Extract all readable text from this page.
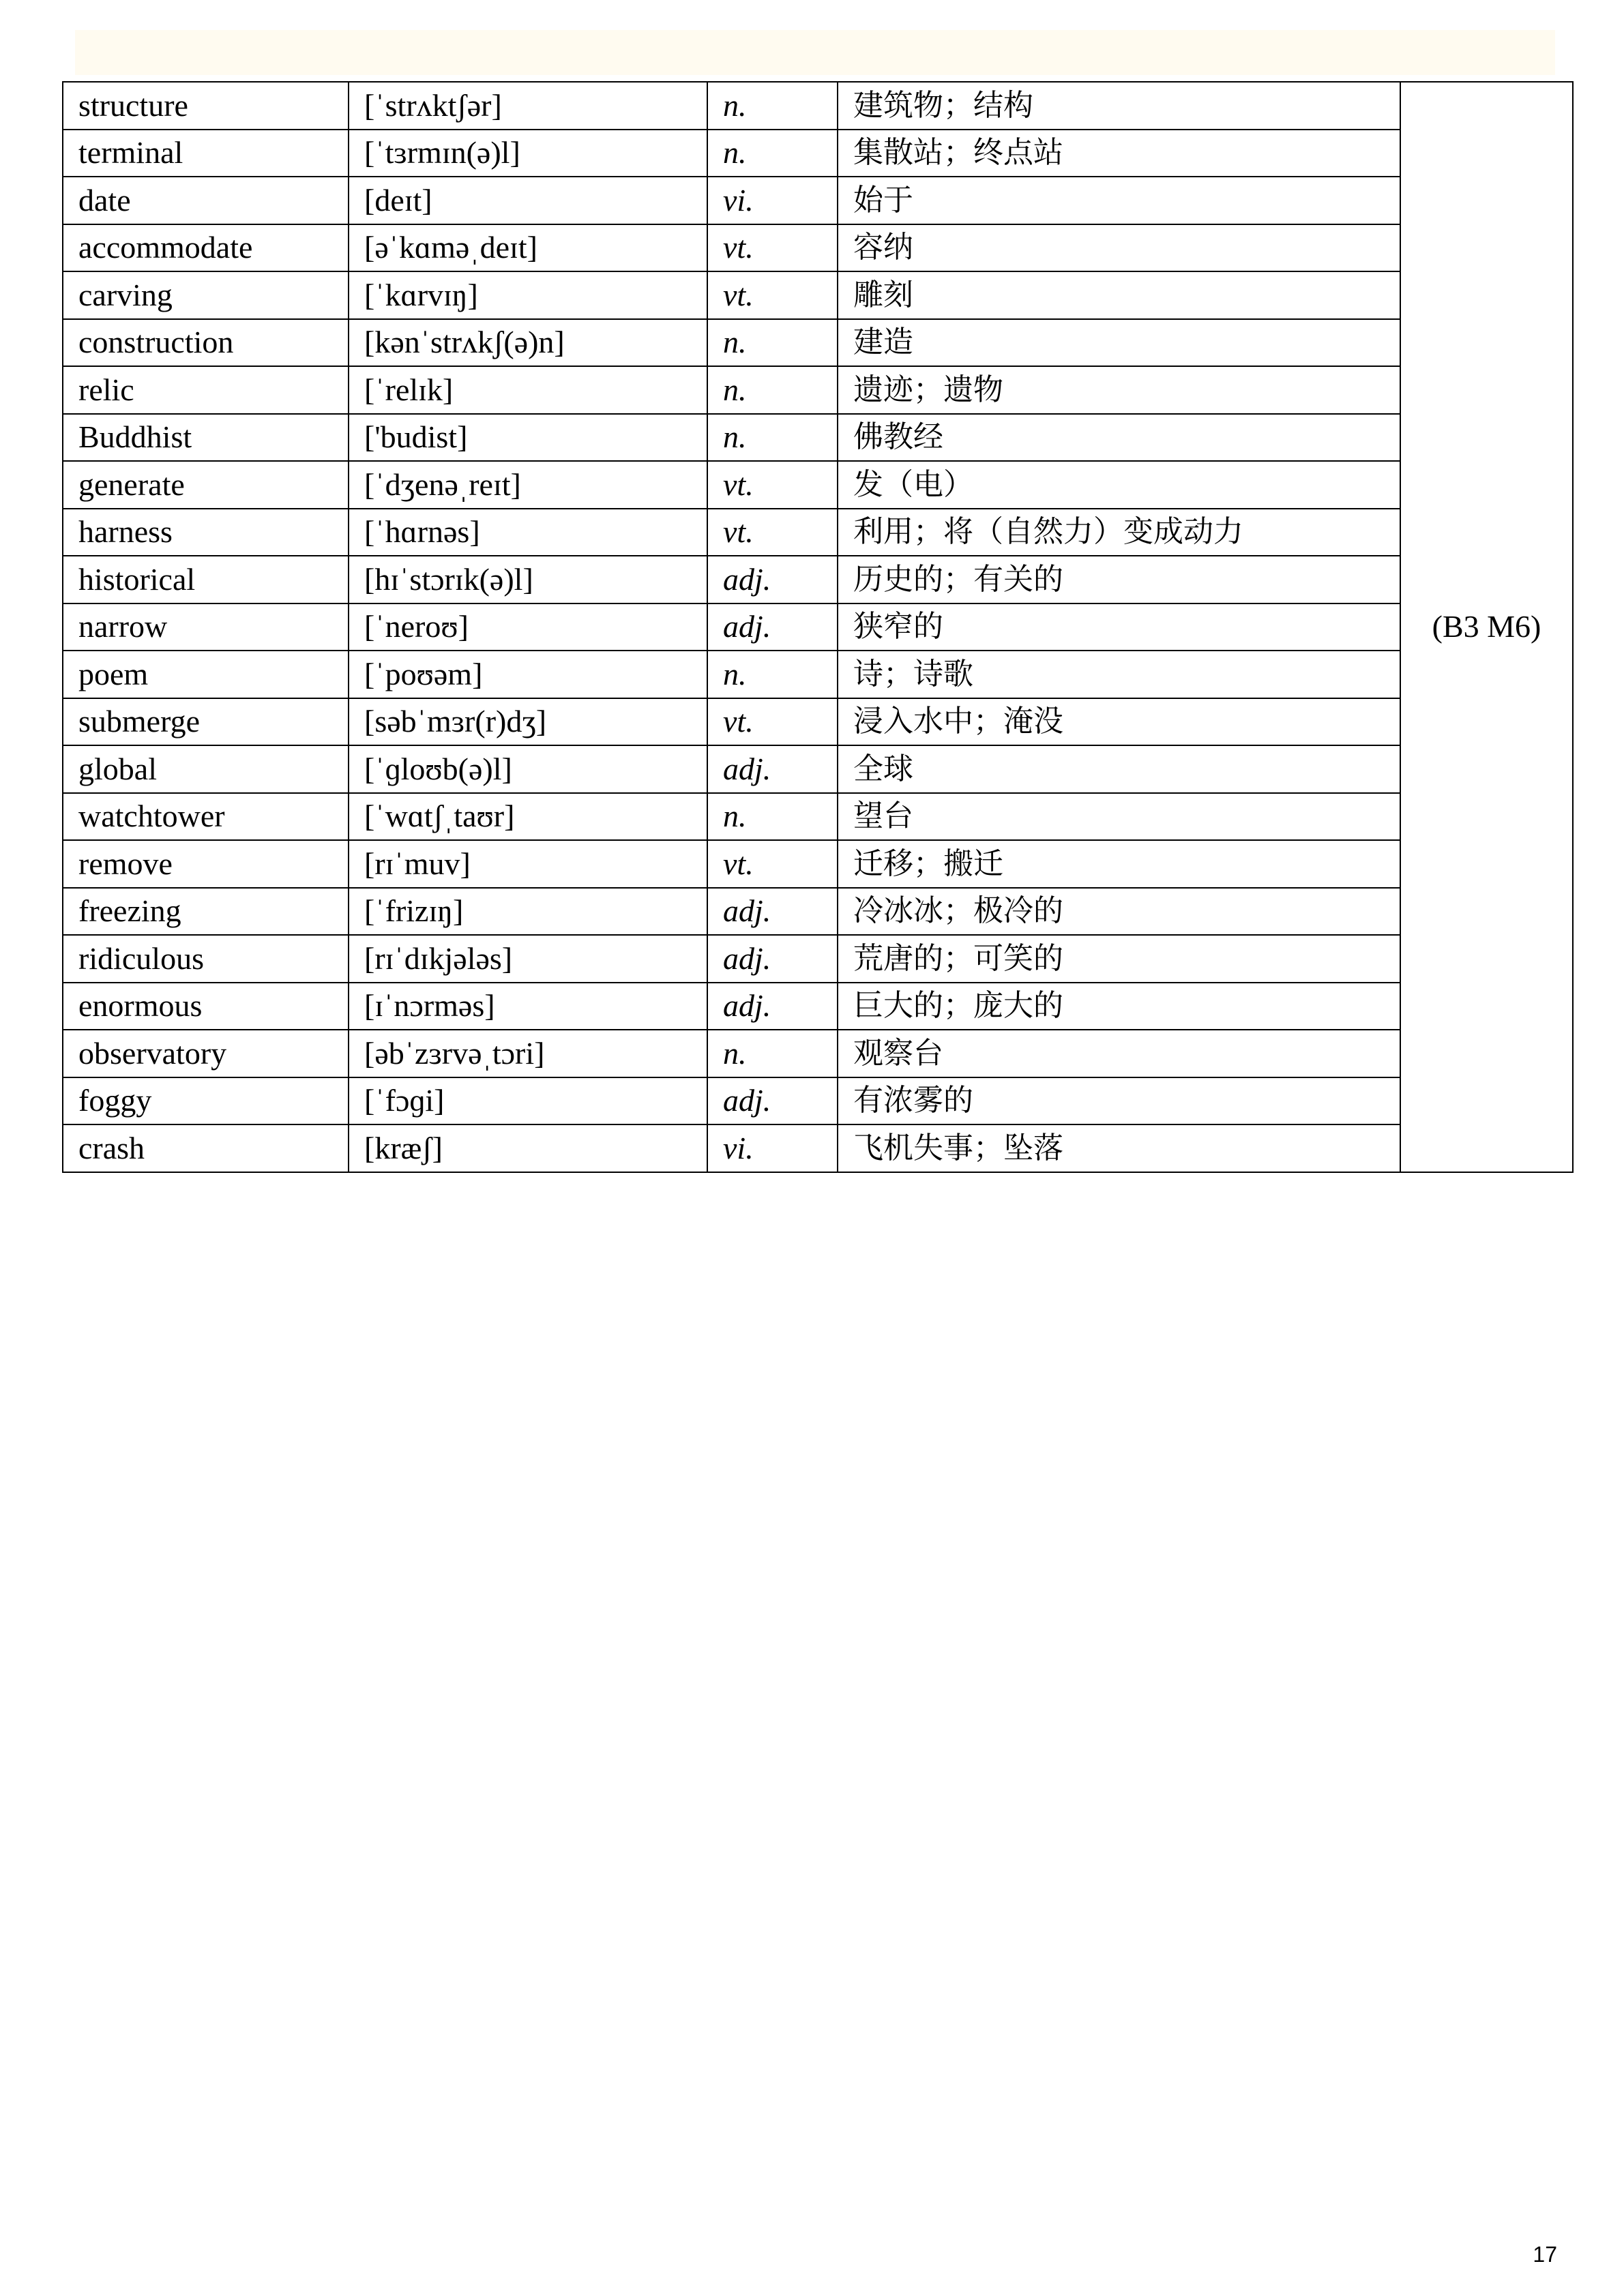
structure	[ˈstrʌktʃər]	n.	建筑物；结构	(B3 M6)
terminal	[ˈtɜrmɪn(ə)l]	n.	集散站；终点站	
date	[deɪt]	vi.	始于	
accommodate	[əˈkɑməˌdeɪt]	vt.	容纳	
carving	[ˈkɑrvɪŋ]	vt.	雕刻	
construction	[kənˈstrʌkʃ(ə)n]	n.	建造	
relic	[ˈrelɪk]	n.	遗迹；遗物	
Buddhist	['budist]	n.	佛教经	
generate	[ˈdʒenəˌreɪt]	vt.	发（电）	
harness	[ˈhɑrnəs]	vt.	利用；将（自然力）变成动力	
historical	[hɪˈstɔrɪk(ə)l]	adj.	历史的；有关的	
narrow	[ˈneroʊ]	adj.	狭窄的	
poem	[ˈpoʊəm]	n.	诗；诗歌	
submerge	[səbˈmɜr(r)dʒ]	vt.	浸入水中；淹没	
global	[ˈɡloʊb(ə)l]	adj.	全球	
watchtower	[ˈwɑtʃˌtaʊr]	n.	望台	
remove	[rɪˈmuv]	vt.	迁移；搬迁	
freezing	[ˈfrizɪŋ]	adj.	冷冰冰；极冷的	
ridiculous	[rɪˈdɪkjələs]	adj.	荒唐的；可笑的	
enormous	[ɪˈnɔrməs]	adj.	巨大的；庞大的	
observatory	[əbˈzɜrvəˌtɔri]	n.	观察台	
foggy	[ˈfɔɡi]	adj.	有浓雾的	
crash	[kræʃ]	vi.	飞机失事；坠落	
17
